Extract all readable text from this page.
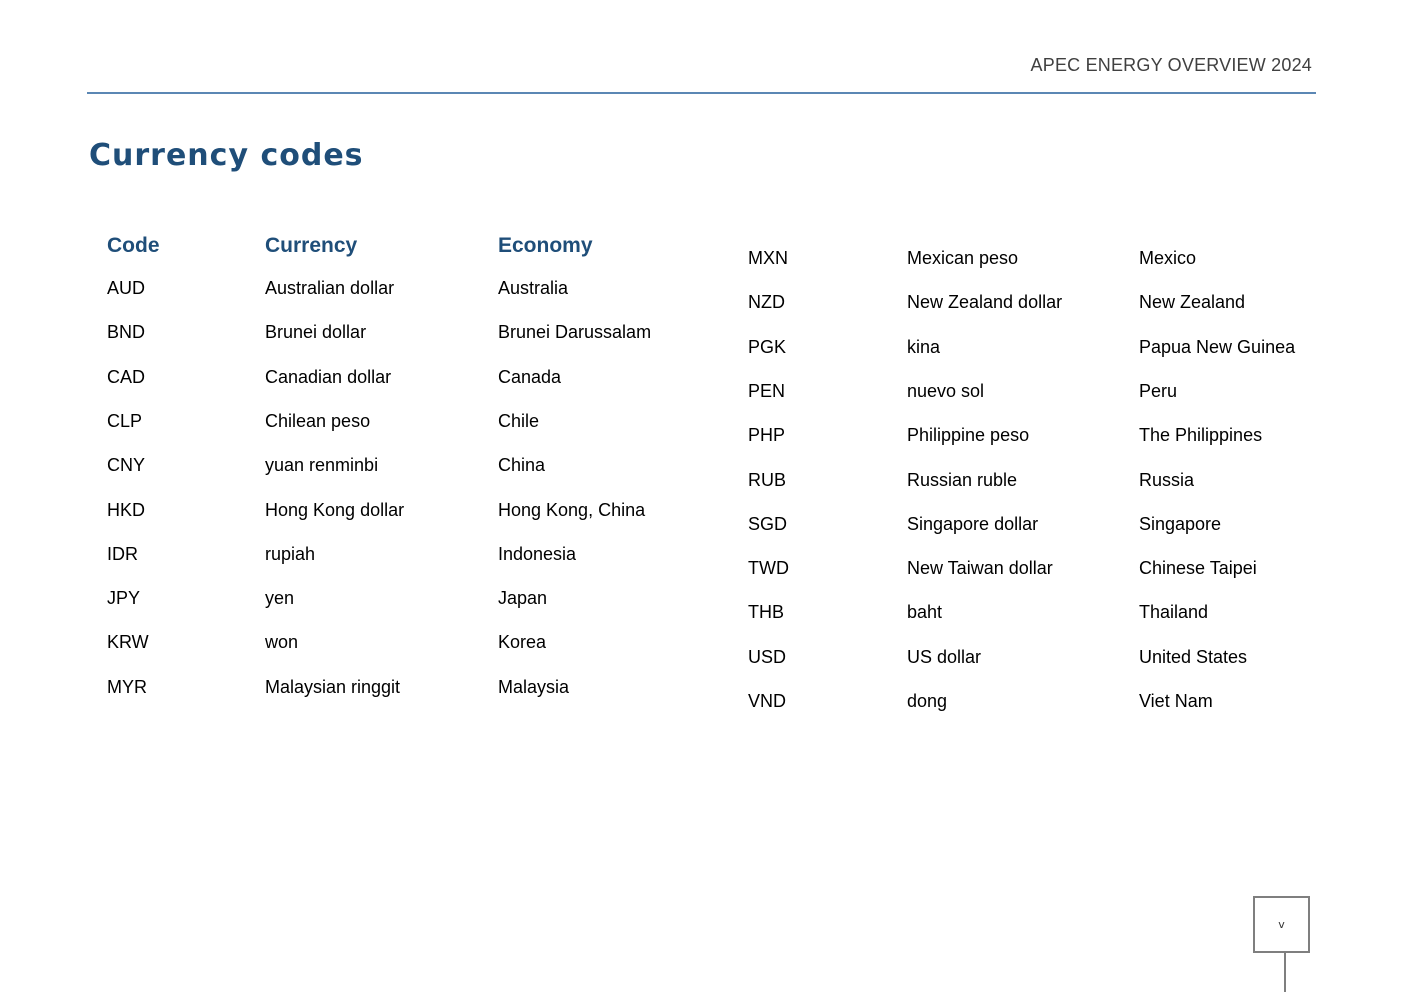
APEC ENERGY OVERVIEW 2024
Currency codes
Code	Currency	Economy
AUD	Australian dollar	Australia
BND	Brunei dollar	Brunei Darussalam
CAD	Canadian dollar	Canada
CLP	Chilean peso	Chile
CNY	yuan renminbi	China
HKD	Hong Kong dollar	Hong Kong, China
IDR	rupiah	Indonesia
JPY	yen	Japan
KRW	won	Korea
MYR	Malaysian ringgit	Malaysia
MXN	Mexican peso	Mexico
NZD	New Zealand dollar	New Zealand
PGK	kina	Papua New Guinea
PEN	nuevo sol	Peru
PHP	Philippine peso	The Philippines
RUB	Russian ruble	Russia
SGD	Singapore dollar	Singapore
TWD	New Taiwan dollar	Chinese Taipei
THB	baht	Thailand
USD	US dollar	United States
VND	dong	Viet Nam
v
